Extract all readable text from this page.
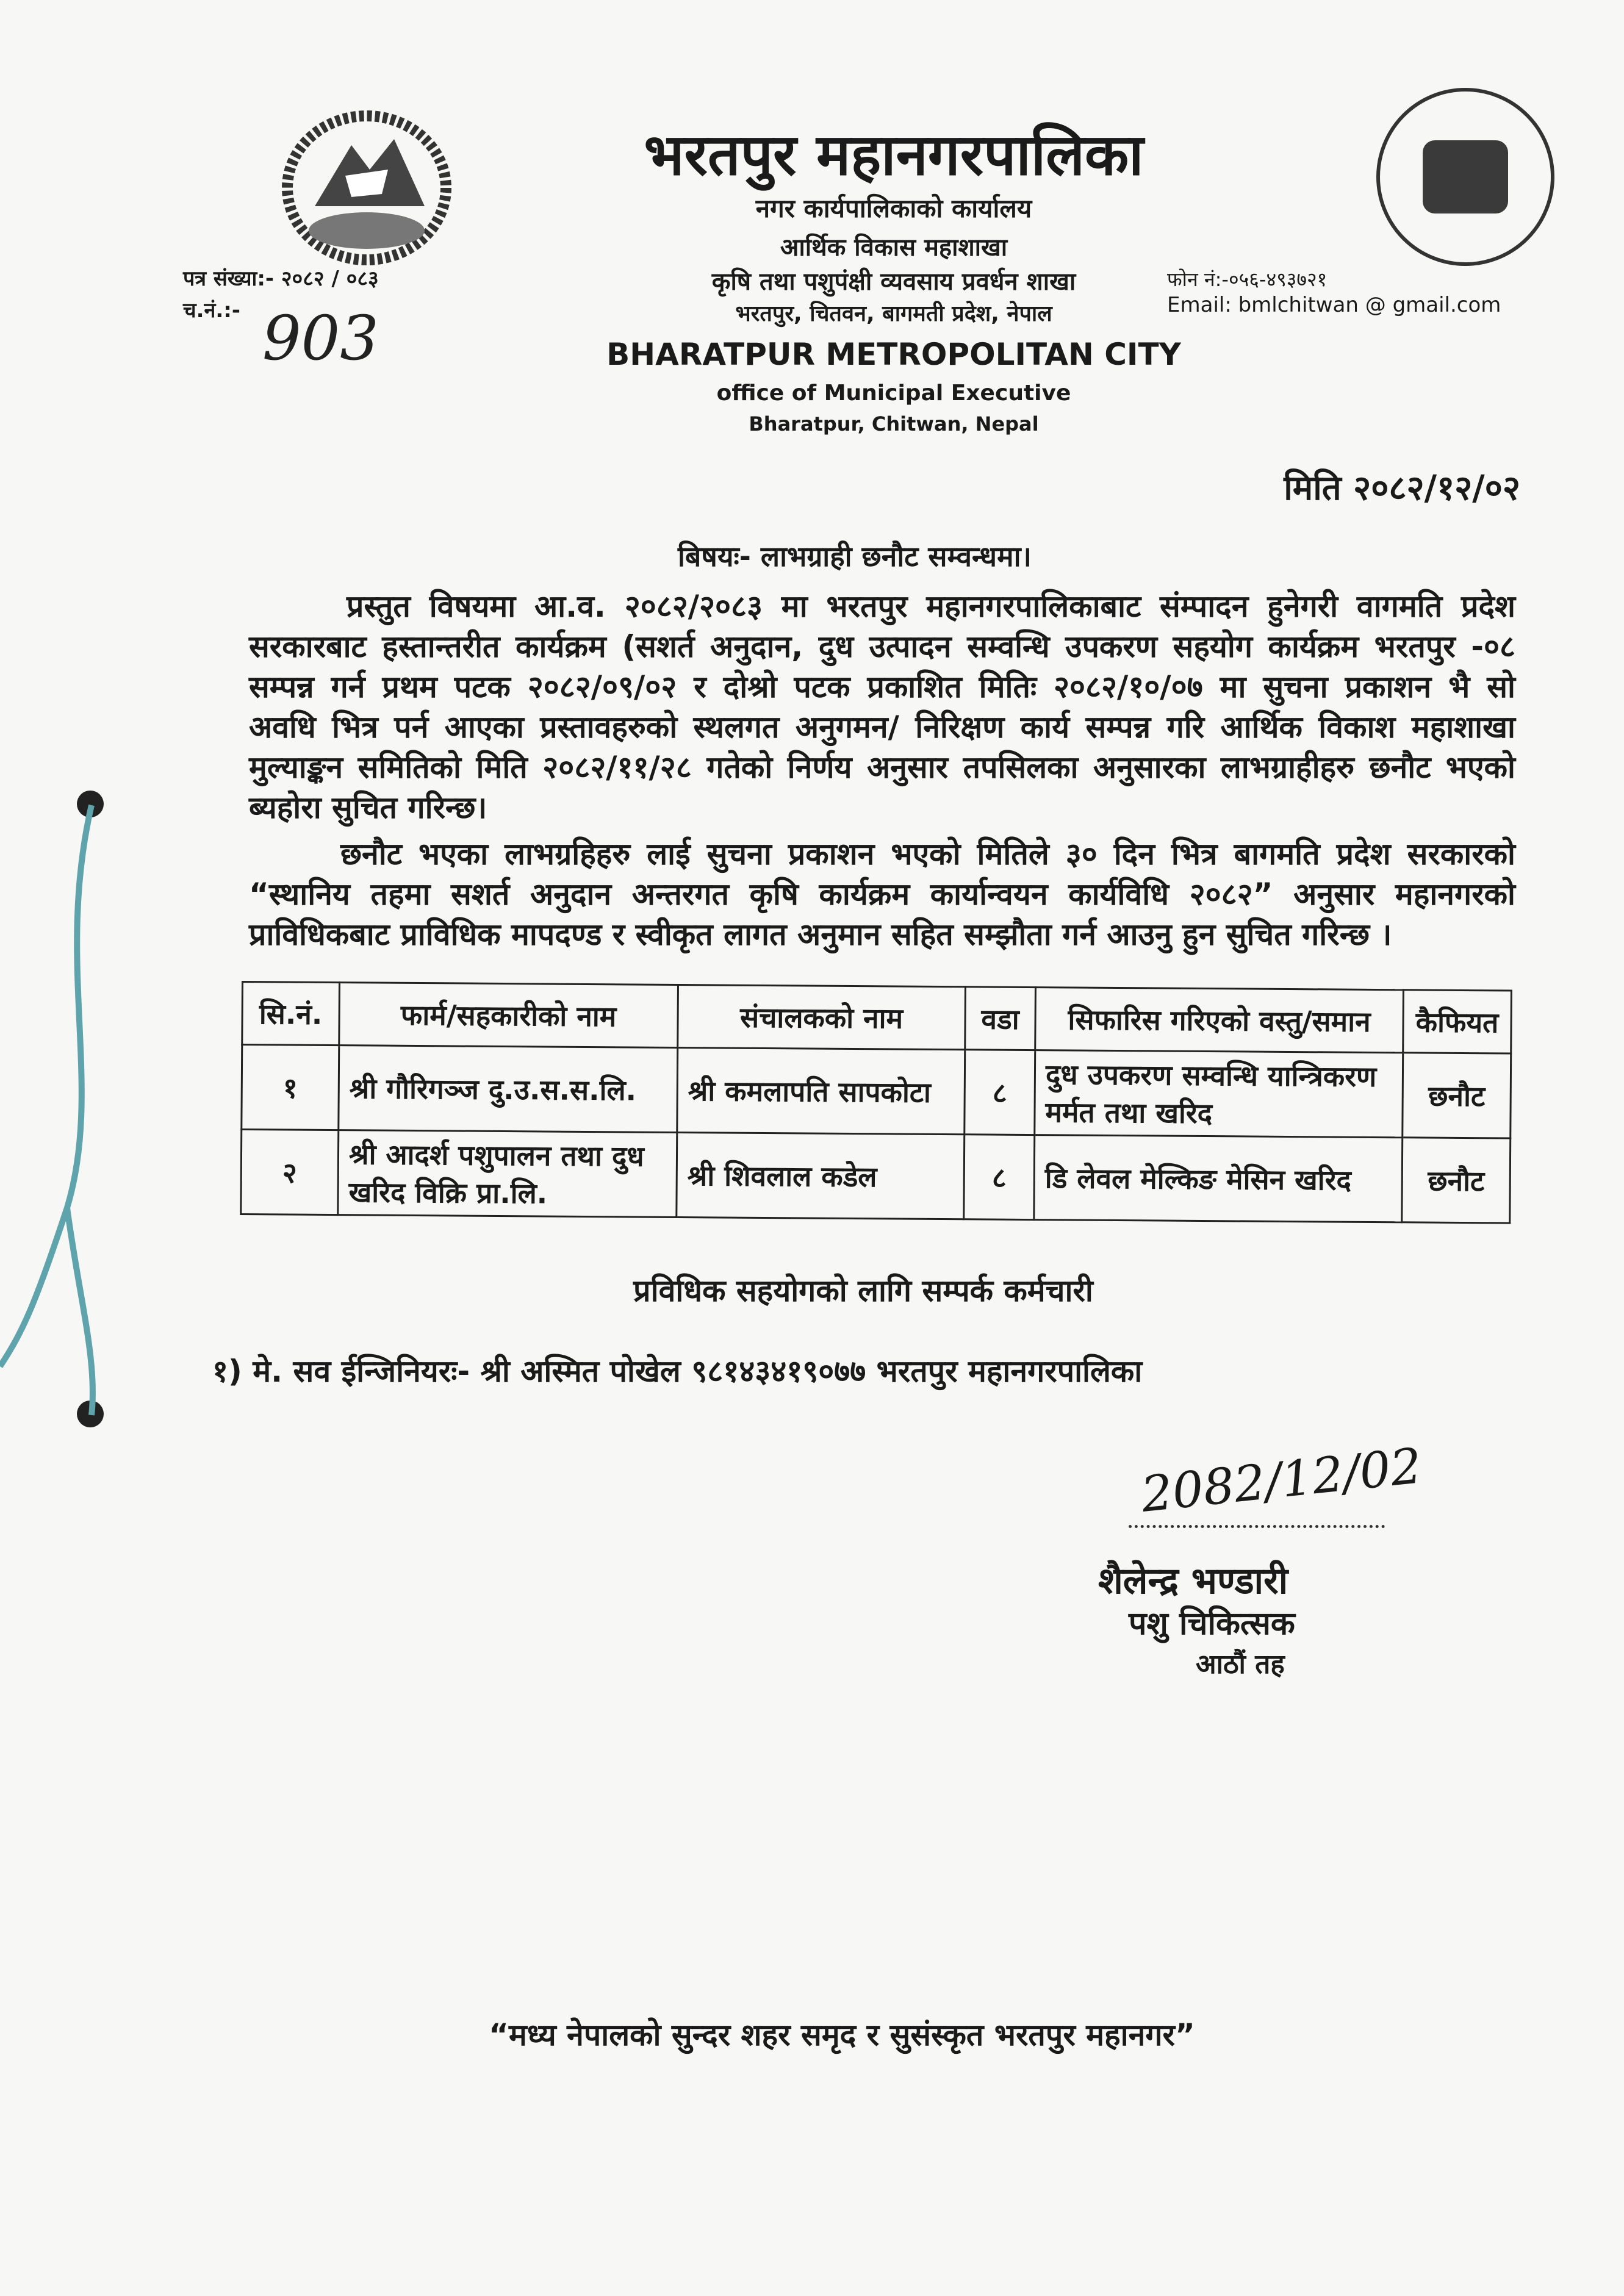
भरतपुर महानगरपालिका
नगर कार्यपालिकाको कार्यालय
आर्थिक विकास महाशाखा
कृषि तथा पशुपंक्षी व्यवसाय प्रवर्धन शाखा
भरतपुर, चितवन, बागमती प्रदेश, नेपाल
BHARATPUR METROPOLITAN CITY
office of Municipal Executive
Bharatpur, Chitwan, Nepal
पत्र संख्या:- २०८२ / ०८३
च.नं.:- 903
फोन नं:-०५६-४९३७२१
Email: bmlchitwan @ gmail.com
मिति २०८२/१२/०२
बिषयः- लाभग्राही छनौट सम्वन्धमा।
प्रस्तुत विषयमा आ.व. २०८२/२०८३ मा भरतपुर महानगरपालिकाबाट संम्पादन हुनेगरी वागमति प्रदेश
सरकारबाट हस्तान्तरीत कार्यक्रम (सशर्त अनुदान, दुध उत्पादन सम्वन्धि उपकरण सहयोग कार्यक्रम भरतपुर -०८
सम्पन्न गर्न प्रथम पटक २०८२/०९/०२ र दोश्रो पटक प्रकाशित मितिः २०८२/१०/०७ मा सुचना प्रकाशन भै सो
अवधि भित्र पर्न आएका प्रस्तावहरुको स्थलगत अनुगमन/ निरिक्षण कार्य सम्पन्न गरि आर्थिक विकाश महाशाखा
मुल्याङ्कन समितिको मिति २०८२/११/२८ गतेको निर्णय अनुसार तपसिलका अनुसारका लाभग्राहीहरु छनौट भएको
ब्यहोरा सुचित गरिन्छ।
छनौट भएका लाभग्रहिहरु लाई सुचना प्रकाशन भएको मितिले ३० दिन भित्र बागमति प्रदेश सरकारको
“स्थानिय तहमा सशर्त अनुदान अन्तरगत कृषि कार्यक्रम कार्यान्वयन कार्यविधि २०८२” अनुसार महानगरको
प्राविधिकबाट प्राविधिक मापदण्ड र स्वीकृत लागत अनुमान सहित सम्झौता गर्न आउनु हुन सुचित गरिन्छ ।
सि.नं.	फार्म/सहकारीको नाम	संचालकको नाम	वडा	सिफारिस गरिएको वस्तु/समान	कैफियत
१	श्री गौरिगञ्ज दु.उ.स.स.लि.	श्री कमलापति सापकोटा	८	दुध उपकरण सम्वन्धि यान्त्रिकरण मर्मत तथा खरिद	छनौट
२	श्री आदर्श पशुपालन तथा दुध खरिद विक्रि प्रा.लि.	श्री शिवलाल कडेल	८	डि लेवल मेल्किङ मेसिन खरिद	छनौट
प्रविधिक सहयोगको लागि सम्पर्क कर्मचारी
१) मे. सव ईन्जिनियरः- श्री अस्मित पोखेल ९८१४३४१९०७७ भरतपुर महानगरपालिका
2082/12/02
शैलेन्द्र भण्डारी
पशु चिकित्सक
आठौं तह
“मध्य नेपालको सुन्दर शहर समृद र सुसंस्कृत भरतपुर महानगर”
